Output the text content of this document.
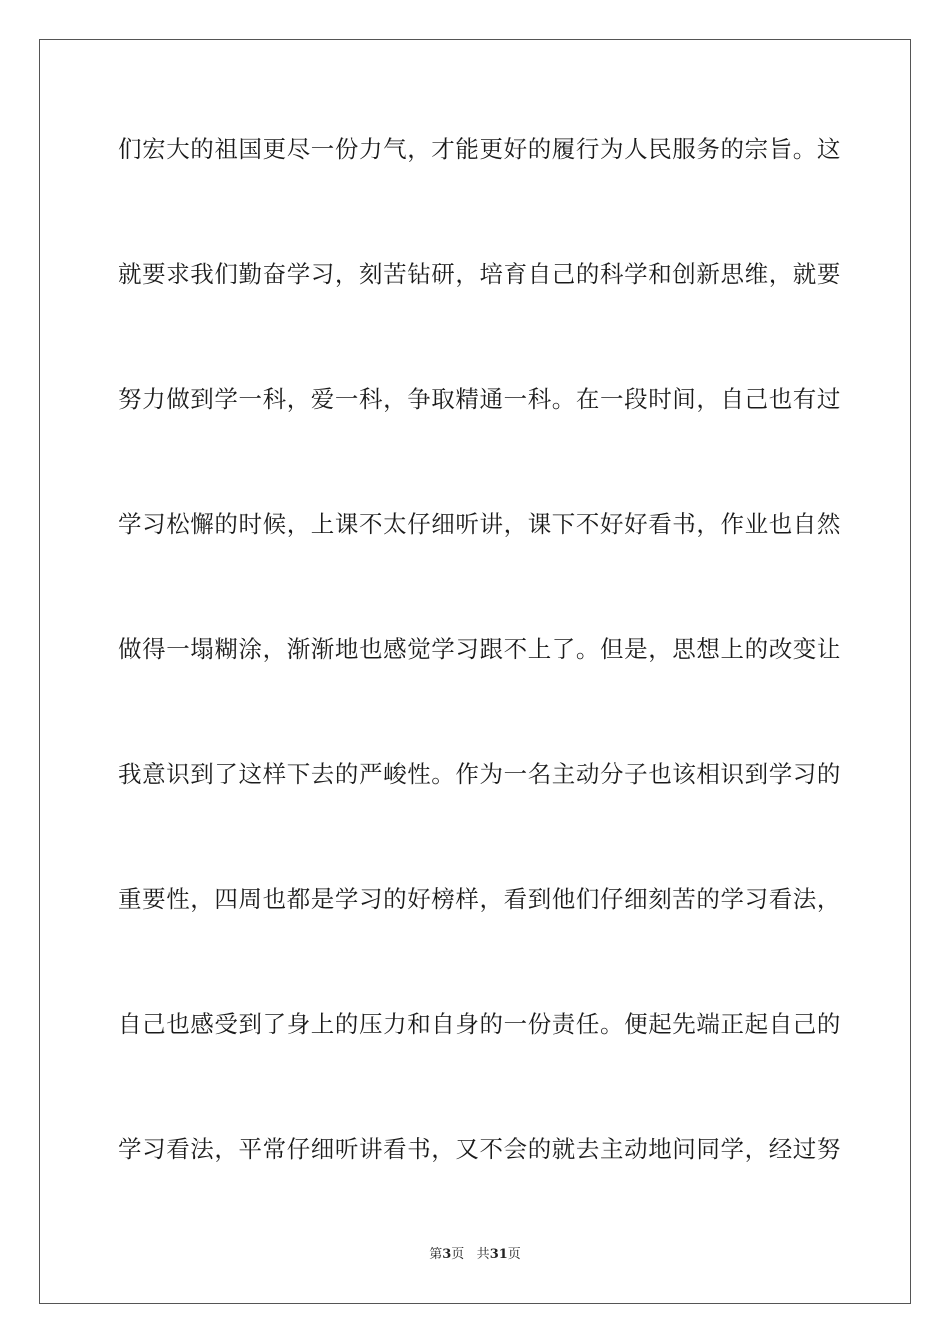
们宏大的祖国更尽一份力气，才能更好的履行为人民服务的宗旨。这
就要求我们勤奋学习，刻苦钻研，培育自己的科学和创新思维，就要
努力做到学一科，爱一科，争取精通一科。在一段时间，自己也有过
学习松懈的时候，上课不太仔细听讲，课下不好好看书，作业也自然
做得一塌糊涂，渐渐地也感觉学习跟不上了。但是，思想上的改变让
我意识到了这样下去的严峻性。作为一名主动分子也该相识到学习的
重要性，四周也都是学习的好榜样，看到他们仔细刻苦的学习看法，
自己也感受到了身上的压力和自身的一份责任。便起先端正起自己的
学习看法，平常仔细听讲看书，又不会的就去主动地问同学，经过努
第3页 共31页
